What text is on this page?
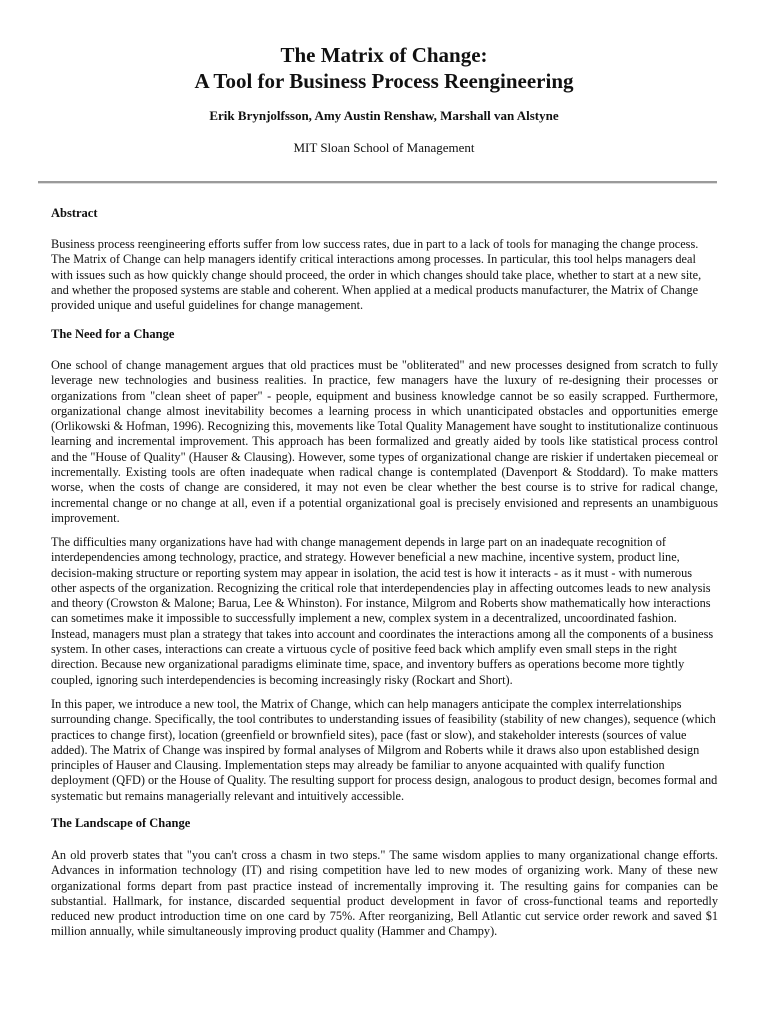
The Matrix of Change:

A Tool for Business Process Reengineering

Erik Brynjolfsson, Amy Austin Renshaw, Marshall van Alstyne
MIT Sloan School of Management
Abstract

Business process reengineering efforts suffer from low success rates, due in part to a lack of tools for managing the change process. The Matrix of Change can help managers identify critical interactions among processes. In particular, this tool helps managers deal with issues such as how quickly change should proceed, the order in which changes should take place, whether to start at a new site, and whether the proposed systems are stable and coherent. When applied at a medical products manufacturer, the Matrix of Change provided unique and useful guidelines for change management.

The Need for a Change

One school of change management argues that old practices must be "obliterated" and new processes designed from scratch to fully leverage new technologies and business realities. In practice, few managers have the luxury of re-designing their processes or organizations from "clean sheet of paper" - people, equipment and business knowledge cannot be so easily scrapped. Furthermore, organizational change almost inevitability becomes a learning process in which unanticipated obstacles and opportunities emerge (Orlikowski & Hofman, 1996). Recognizing this, movements like Total Quality Management have sought to institutionalize continuous learning and incremental improvement. This approach has been formalized and greatly aided by tools like statistical process control and the "House of Quality" (Hauser & Clausing). However, some types of organizational change are riskier if undertaken piecemeal or incrementally. Existing tools are often inadequate when radical change is contemplated (Davenport & Stoddard). To make matters worse, when the costs of change are considered, it may not even be clear whether the best course is to strive for radical change, incremental change or no change at all, even if a potential organizational goal is precisely envisioned and represents an unambiguous improvement.

The difficulties many organizations have had with change management depends in large part on an inadequate recognition of interdependencies among technology, practice, and strategy. However beneficial a new machine, incentive system, product line, decision-making structure or reporting system may appear in isolation, the acid test is how it interacts - as it must - with numerous other aspects of the organization. Recognizing the critical role that interdependencies play in affecting outcomes leads to new analysis and theory (Crowston & Malone; Barua, Lee & Whinston). For instance, Milgrom and Roberts show mathematically how interactions can sometimes make it impossible to successfully implement a new, complex system in a decentralized, uncoordinated fashion. Instead, managers must plan a strategy that takes into account and coordinates the interactions among all the components of a business system. In other cases, interactions can create a virtuous cycle of positive feed back which amplify even small steps in the right direction. Because new organizational paradigms eliminate time, space, and inventory buffers as operations become more tightly coupled, ignoring such interdependencies is becoming increasingly risky (Rockart and Short).

In this paper, we introduce a new tool, the Matrix of Change, which can help managers anticipate the complex interrelationships surrounding change. Specifically, the tool contributes to understanding issues of feasibility (stability of new changes), sequence (which practices to change first), location (greenfield or brownfield sites), pace (fast or slow), and stakeholder interests (sources of value added). The Matrix of Change was inspired by formal analyses of Milgrom and Roberts while it draws also upon established design principles of Hauser and Clausing. Implementation steps may already be familiar to anyone acquainted with qualify function deployment (QFD) or the House of Quality. The resulting support for process design, analogous to product design, becomes formal and systematic but remains managerially relevant and intuitively accessible.

The Landscape of Change

An old proverb states that "you can't cross a chasm in two steps." The same wisdom applies to many organizational change efforts. Advances in information technology (IT) and rising competition have led to new modes of organizing work. Many of these new organizational forms depart from past practice instead of incrementally improving it. The resulting gains for companies can be substantial. Hallmark, for instance, discarded sequential product development in favor of cross-functional teams and reportedly reduced new product introduction time on one card by 75%. After reorganizing, Bell Atlantic cut service order rework and saved $1 million annually, while simultaneously improving product quality (Hammer and Champy).
